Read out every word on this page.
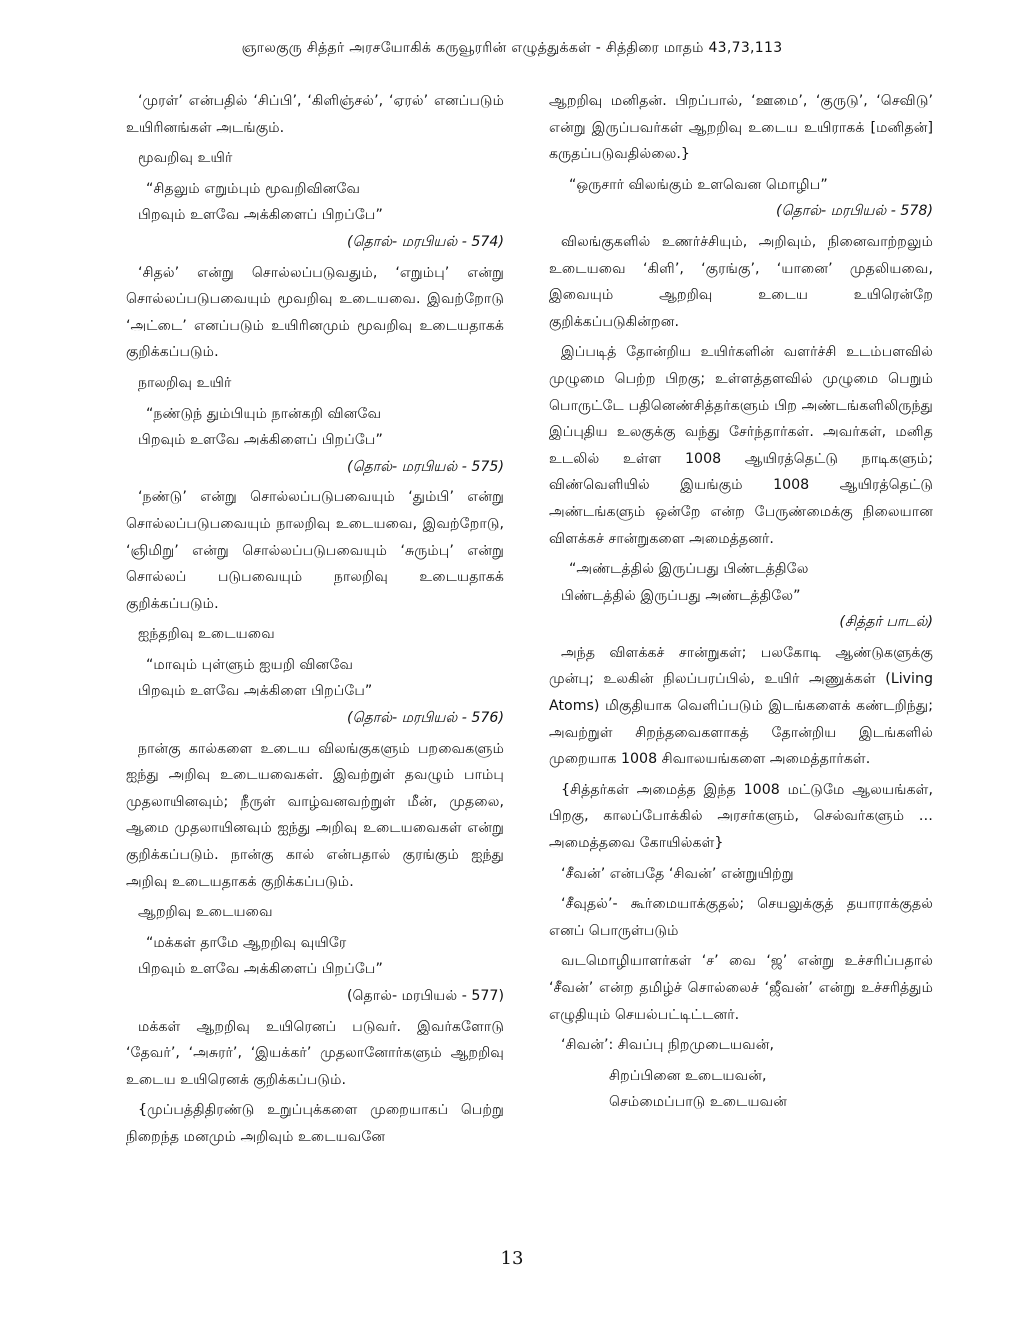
ஞாலகுரு சித்தர் அரசயோகிக் கருவூரரின் எழுத்துக்கள் - சித்திரை மாதம் 43,73,113
‘முரள்’ என்பதில் ‘சிப்பி’, ‘கிளிஞ்சல்’, ‘ஏரல்’ எனப்படும் உயிரினங்கள் அடங்கும்.
மூவறிவு உயிர்
“சிதலும் எறும்பும் மூவறிவினவே
பிறவும் உளவே அக்கிளைப் பிறப்பே”
(தொல்- மரபியல் - 574)
‘சிதல்’ என்று சொல்லப்படுவதும், ‘எறும்பு’ என்று சொல்லப்படுபவையும் மூவறிவு உடையவை. இவற்றோடு ‘அட்டை’ எனப்படும் உயிரினமும் மூவறிவு உடையதாகக் குறிக்கப்படும்.
நாலறிவு உயிர்
“நண்டுந் தும்பியும் நான்கறி வினவே
பிறவும் உளவே அக்கிளைப் பிறப்பே”
(தொல்- மரபியல் - 575)
‘நண்டு’ என்று சொல்லப்படுபவையும் ‘தும்பி’ என்று சொல்லப்படுபவையும் நாலறிவு உடையவை, இவற்றோடு, ‘ஞிமிறு’ என்று சொல்லப்படுபவையும் ‘சுரும்பு’ என்று சொல்லப் படுபவையும் நாலறிவு உடையதாகக் குறிக்கப்படும்.
ஐந்தறிவு உடையவை
“மாவும் புள்ளும் ஐயறி வினவே
பிறவும் உளவே அக்கிளை பிறப்பே”
(தொல்- மரபியல் - 576)
நான்கு கால்களை உடைய விலங்குகளும் பறவைகளும் ஐந்து அறிவு உடையவைகள். இவற்றுள் தவழும் பாம்பு முதலாயினவும்; நீருள் வாழ்வனவற்றுள் மீன், முதலை, ஆமை முதலாயினவும் ஐந்து அறிவு உடையவைகள் என்று குறிக்கப்படும். நான்கு கால் என்பதால் குரங்கும் ஐந்து அறிவு உடையதாகக் குறிக்கப்படும்.
ஆறறிவு உடையவை
“மக்கள் தாமே ஆறறிவு வுயிரே
பிறவும் உளவே அக்கிளைப் பிறப்பே”
(தொல்- மரபியல் - 577)
மக்கள் ஆறறிவு உயிரெனப் படுவர். இவர்களோடு ‘தேவர்’, ‘அசுரர்’, ‘இயக்கர்’ முதலானோர்களும் ஆறறிவு உடைய உயிரெனக் குறிக்கப்படும்.
{முப்பத்திதிரண்டு உறுப்புக்களை முறையாகப் பெற்று நிறைந்த மனமும் அறிவும் உடையவனே
ஆறறிவு மனிதன். பிறப்பால், ‘ஊமை’, ‘குருடு’, ‘செவிடு’ என்று இருப்பவர்கள் ஆறறிவு உடைய உயிராகக் [மனிதன்] கருதப்படுவதில்லை.}
“ஒருசார் விலங்கும் உளவென மொழிப”
(தொல்- மரபியல் - 578)
விலங்குகளில் உணர்ச்சியும், அறிவும், நினைவாற்றலும் உடையவை ‘கிளி’, ‘குரங்கு’, ‘யானை’ முதலியவை, இவையும் ஆறறிவு உடைய உயிரென்றே குறிக்கப்படுகின்றன.
இப்படித் தோன்றிய உயிர்களின் வளர்ச்சி உடம்பளவில் முழுமை பெற்ற பிறகு; உள்ளத்தளவில் முழுமை பெறும் பொருட்டே பதினெண்சித்தர்களும் பிற அண்டங்களிலிருந்து இப்புதிய உலகுக்கு வந்து சேர்ந்தார்கள். அவர்கள், மனித உடலில் உள்ள 1008 ஆயிரத்தெட்டு நாடிகளும்; விண்வெளியில் இயங்கும் 1008 ஆயிரத்தெட்டு அண்டங்களும் ஒன்றே என்ற பேருண்மைக்கு நிலையான விளக்கச் சான்றுகளை அமைத்தனர்.
“அண்டத்தில் இருப்பது பிண்டத்திலே
பிண்டத்தில் இருப்பது அண்டத்திலே”
(சித்தர் பாடல்)
அந்த விளக்கச் சான்றுகள்; பலகோடி ஆண்டுகளுக்கு முன்பு; உலகின் நிலப்பரப்பில், உயிர் அணுக்கள் (Living Atoms) மிகுதியாக வெளிப்படும் இடங்களைக் கண்டறிந்து; அவற்றுள் சிறந்தவைகளாகத் தோன்றிய இடங்களில் முறையாக 1008 சிவாலயங்களை அமைத்தார்கள்.
{சித்தர்கள் அமைத்த இந்த 1008 மட்டுமே ஆலயங்கள், பிறகு, காலப்போக்கில் அரசர்களும், செல்வர்களும் … அமைத்தவை கோயில்கள்}
‘சீவன்’ என்பதே ‘சிவன்’ என்றுயிற்று
‘சீவுதல்’- கூர்மையாக்குதல்; செயலுக்குத் தயாராக்குதல் எனப் பொருள்படும்
வடமொழியாளர்கள் ‘ச’ வை ‘ஜ’ என்று உச்சரிப்பதால் ‘சீவன்’ என்ற தமிழ்ச் சொல்லைச் ‘ஜீவன்’ என்று உச்சரித்தும் எழுதியும் செயல்பட்டிட்டனர்.
‘சிவன்’: சிவப்பு நிறமுடையவன்,
சிறப்பினை உடையவன்,
செம்மைப்பாடு உடையவன்
13
